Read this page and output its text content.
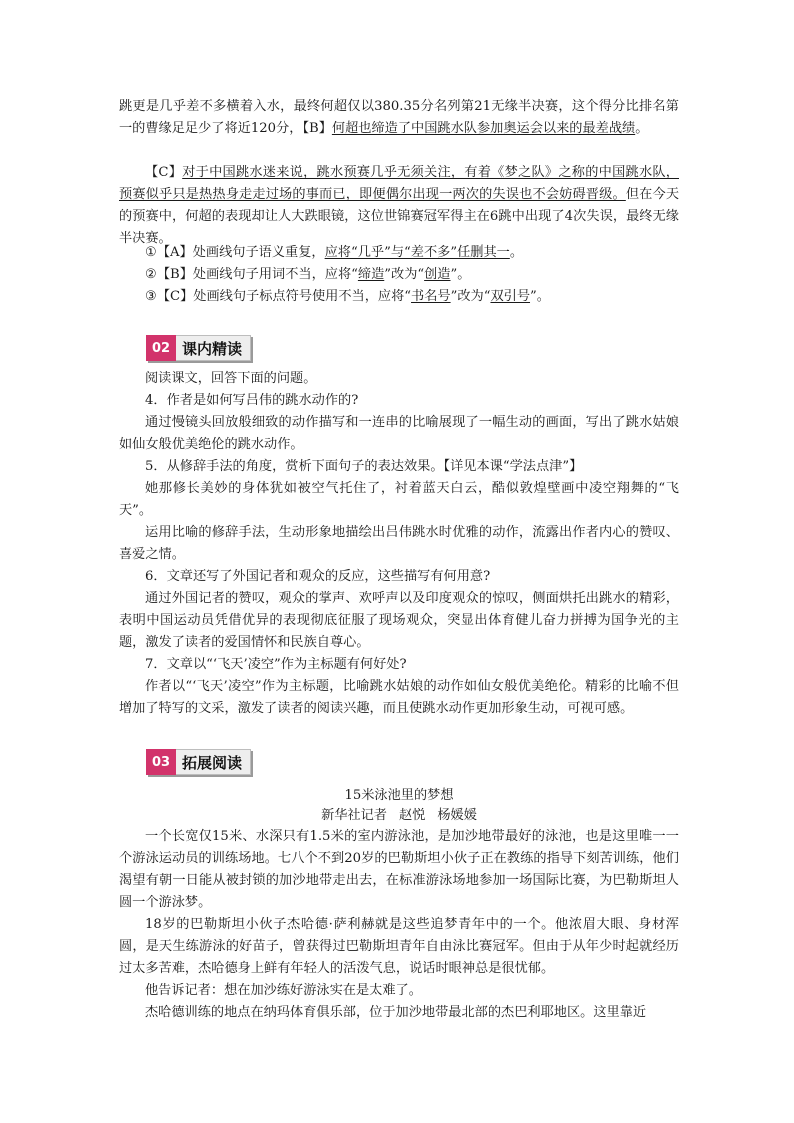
跳更是几乎差不多横着入水，最终何超仅以380.35分名列第21无缘半决赛，这个得分比排名第一的曹缘足足少了将近120分，【B】何超也缔造了中国跳水队参加奥运会以来的最差战绩。

【C】对于中国跳水迷来说，跳水预赛几乎无须关注，有着《梦之队》之称的中国跳水队，预赛似乎只是热热身走走过场的事而已，即便偶尔出现一两次的失误也不会妨碍晋级。但在今天的预赛中，何超的表现却让人大跌眼镜，这位世锦赛冠军得主在6跳中出现了4次失误，最终无缘半决赛。

①【A】处画线句子语义重复，应将“几乎”与“差不多”任删其一。

②【B】处画线句子用词不当，应将“缔造”改为“创造”。

③【C】处画线句子标点符号使用不当，应将“书名号”改为“双引号”。

02 课内精读

阅读课文，回答下面的问题。

4．作者是如何写吕伟的跳水动作的?

通过慢镜头回放般细致的动作描写和一连串的比喻展现了一幅生动的画面，写出了跳水姑娘如仙女般优美绝伦的跳水动作。

5．从修辞手法的角度，赏析下面句子的表达效果。【详见本课“学法点津”】

她那修长美妙的身体犹如被空气托住了，衬着蓝天白云，酷似敦煌壁画中凌空翔舞的“飞天”。

运用比喻的修辞手法，生动形象地描绘出吕伟跳水时优雅的动作，流露出作者内心的赞叹、喜爱之情。

6．文章还写了外国记者和观众的反应，这些描写有何用意?

通过外国记者的赞叹，观众的掌声、欢呼声以及印度观众的惊叹，侧面烘托出跳水的精彩，表明中国运动员凭借优异的表现彻底征服了现场观众，突显出体育健儿奋力拼搏为国争光的主题，激发了读者的爱国情怀和民族自尊心。

7．文章以“‘飞天’凌空”作为主标题有何好处?

作者以“‘飞天’凌空”作为主标题，比喻跳水姑娘的动作如仙女般优美绝伦。精彩的比喻不但增加了特写的文采，激发了读者的阅读兴趣，而且使跳水动作更加形象生动，可视可感。

03 拓展阅读

15米泳池里的梦想

新华社记者 赵悦 杨媛媛

一个长宽仅15米、水深只有1.5米的室内游泳池，是加沙地带最好的泳池，也是这里唯一一个游泳运动员的训练场地。七八个不到20岁的巴勒斯坦小伙子正在教练的指导下刻苦训练，他们渴望有朝一日能从被封锁的加沙地带走出去，在标准游泳场地参加一场国际比赛，为巴勒斯坦人圆一个游泳梦。

18岁的巴勒斯坦小伙子杰哈德·萨利赫就是这些追梦青年中的一个。他浓眉大眼、身材浑圆，是天生练游泳的好苗子，曾获得过巴勒斯坦青年自由泳比赛冠军。但由于从年少时起就经历过太多苦难，杰哈德身上鲜有年轻人的活泼气息，说话时眼神总是很忧郁。

他告诉记者：想在加沙练好游泳实在是太难了。

杰哈德训练的地点在纳玛体育俱乐部，位于加沙地带最北部的杰巴利耶地区。这里靠近
